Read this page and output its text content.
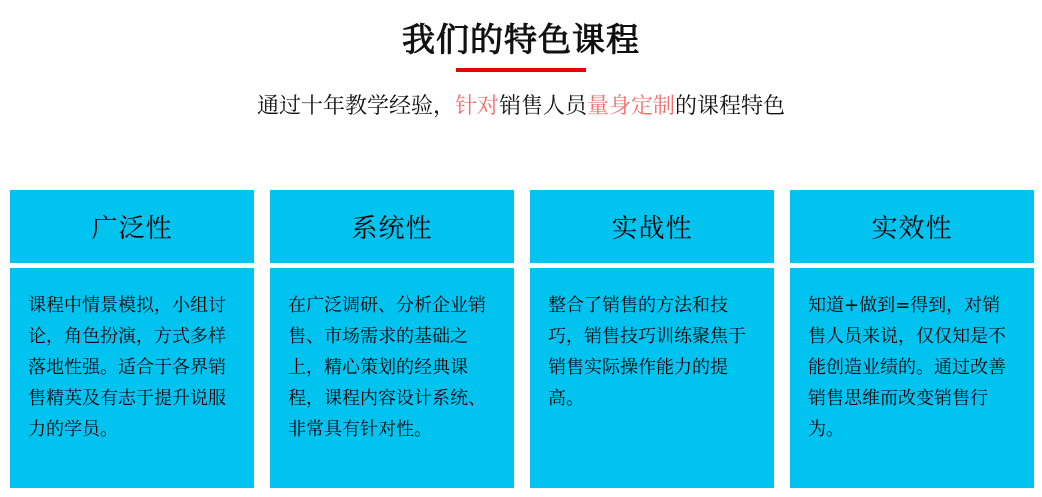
我们的特色课程

通过十年教学经验， 针对 销售人员 量身定制 的课程特色

广泛性
课程中情景模拟，小组讨论，角色扮演，方式多样落地性强。适合于各界销售精英及有志于提升说服力的学员。
系统性
在广泛调研、分析企业销售、市场需求的基础之上，精心策划的经典课程，课程内容设计系统、非常具有针对性。
实战性
整合了销售的方法和技巧，销售技巧训练聚焦于销售实际操作能力的提高。
实效性
知道+做到=得到，对销售人员来说，仅仅知是不能创造业绩的。通过改善销售思维而改变销售行为。
